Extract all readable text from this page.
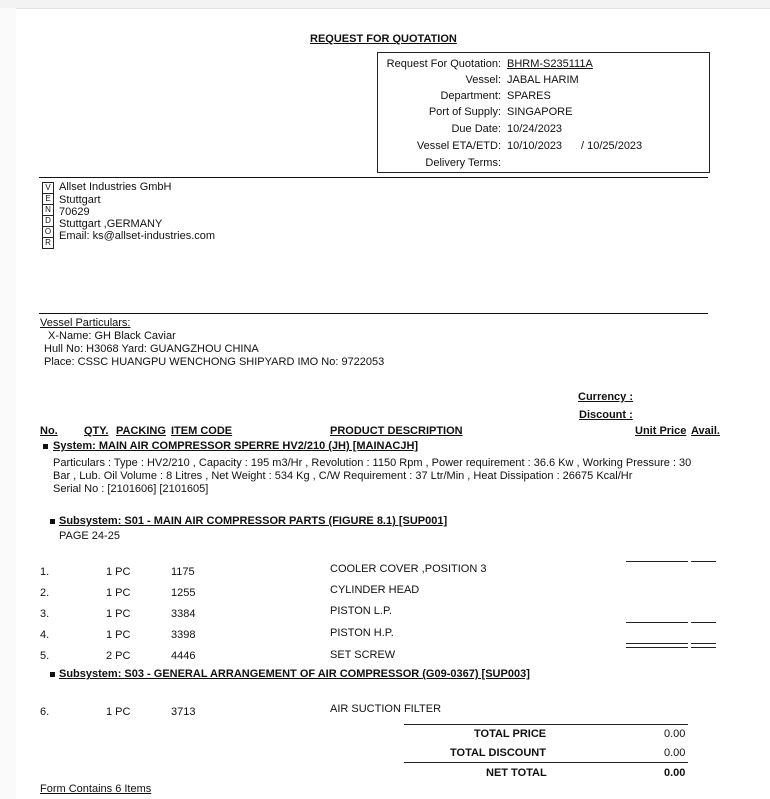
REQUEST FOR QUOTATION
Request For Quotation: BHRM-S235111A
Vessel: JABAL HARIM
Department: SPARES
Port of Supply: SINGAPORE
Due Date: 10/24/2023
Vessel ETA/ETD: 10/10/2023 / 10/25/2023
Delivery Terms:
V
E
N
D
O
R
Allset Industries GmbH
Stuttgart
70629
Stuttgart ,GERMANY
Email: ks@allset-industries.com
Vessel Particulars:
X-Name: GH Black Caviar
Hull No: H3068 Yard: GUANGZHOU CHINA
Place: CSSC HUANGPU WENCHONG SHIPYARD IMO No: 9722053
Currency :
Discount :
No. QTY. PACKING ITEM CODE	PRODUCT DESCRIPTION	Unit Price Avail.
System: MAIN AIR COMPRESSOR SPERRE HV2/210 (JH) [MAINACJH]
Particulars : Type : HV2/210 , Capacity : 195 m3/Hr , Revolution : 1150 Rpm , Power requirement : 36.6 Kw , Working Pressure : 30
Bar , Lub. Oil Volume : 8 Litres , Net Weight : 534 Kg , C/W Requirement : 37 Ltr/Min , Heat Dissipation : 26675 Kcal/Hr
Serial No : [2101606] [2101605]
Subsystem: S01 - MAIN AIR COMPRESSOR PARTS (FIGURE 8.1) [SUP001]
PAGE 24-25
1.	1 PC	1175	COOLER COVER ,POSITION 3
2.	1 PC	1255	CYLINDER HEAD
3.	1 PC	3384	PISTON L.P.
4.	1 PC	3398	PISTON H.P.
5.	2 PC	4446	SET SCREW
Subsystem: S03 - GENERAL ARRANGEMENT OF AIR COMPRESSOR (G09-0367) [SUP003]
6.	1 PC	3713	AIR SUCTION FILTER
TOTAL PRICE	0.00
TOTAL DISCOUNT	0.00
NET TOTAL	0.00
Form Contains 6 Items
